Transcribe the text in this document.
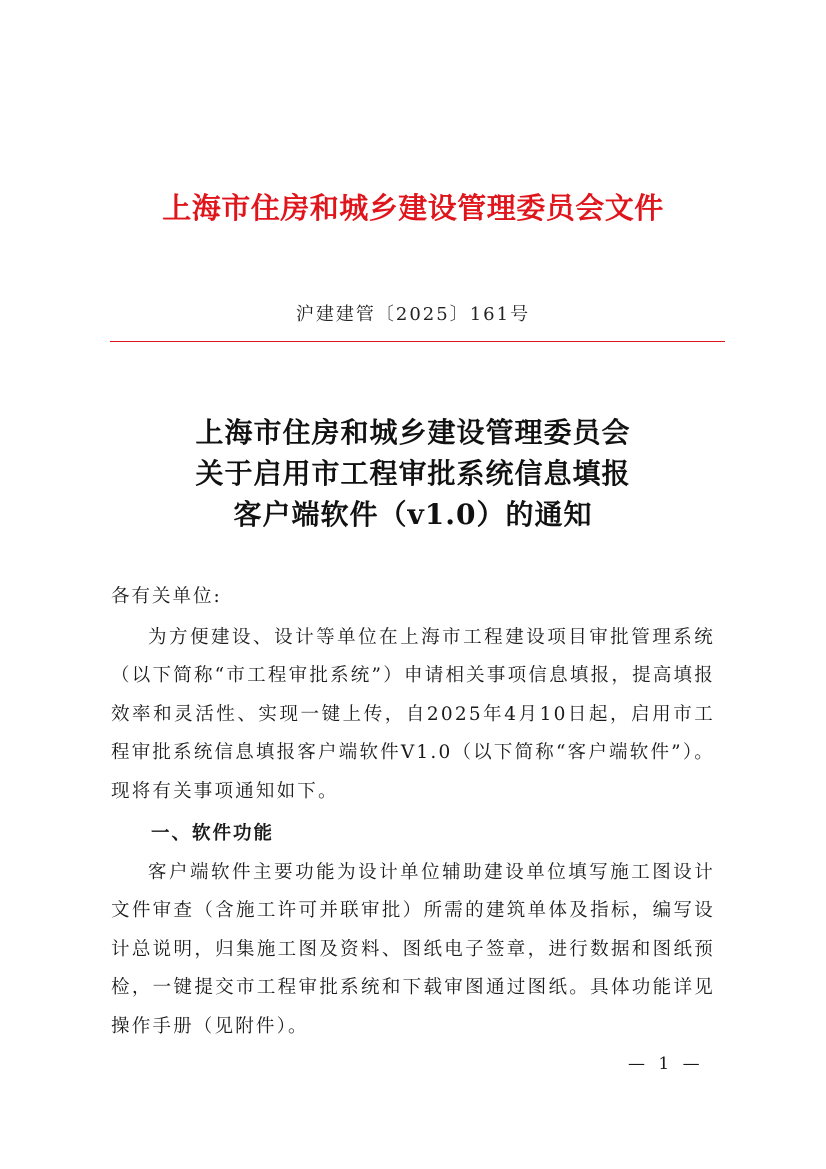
上海市住房和城乡建设管理委员会文件
沪建建管〔2025〕161号
上海市住房和城乡建设管理委员会
关于启用市工程审批系统信息填报
客户端软件（v1.0）的通知
各有关单位:

为方便建设、设计等单位在上海市工程建设项目审批管理系统（以下简称“市工程审批系统”）申请相关事项信息填报，提高填报效率和灵活性、实现一键上传，自2025年4月10日起，启用市工程审批系统信息填报客户端软件V1.0（以下简称“客户端软件”）。现将有关事项通知如下。

一、软件功能

客户端软件主要功能为设计单位辅助建设单位填写施工图设计文件审查（含施工许可并联审批）所需的建筑单体及指标，编写设计总说明，归集施工图及资料、图纸电子签章，进行数据和图纸预检，一键提交市工程审批系统和下载审图通过图纸。具体功能详见操作手册（见附件）。

— 1 —
